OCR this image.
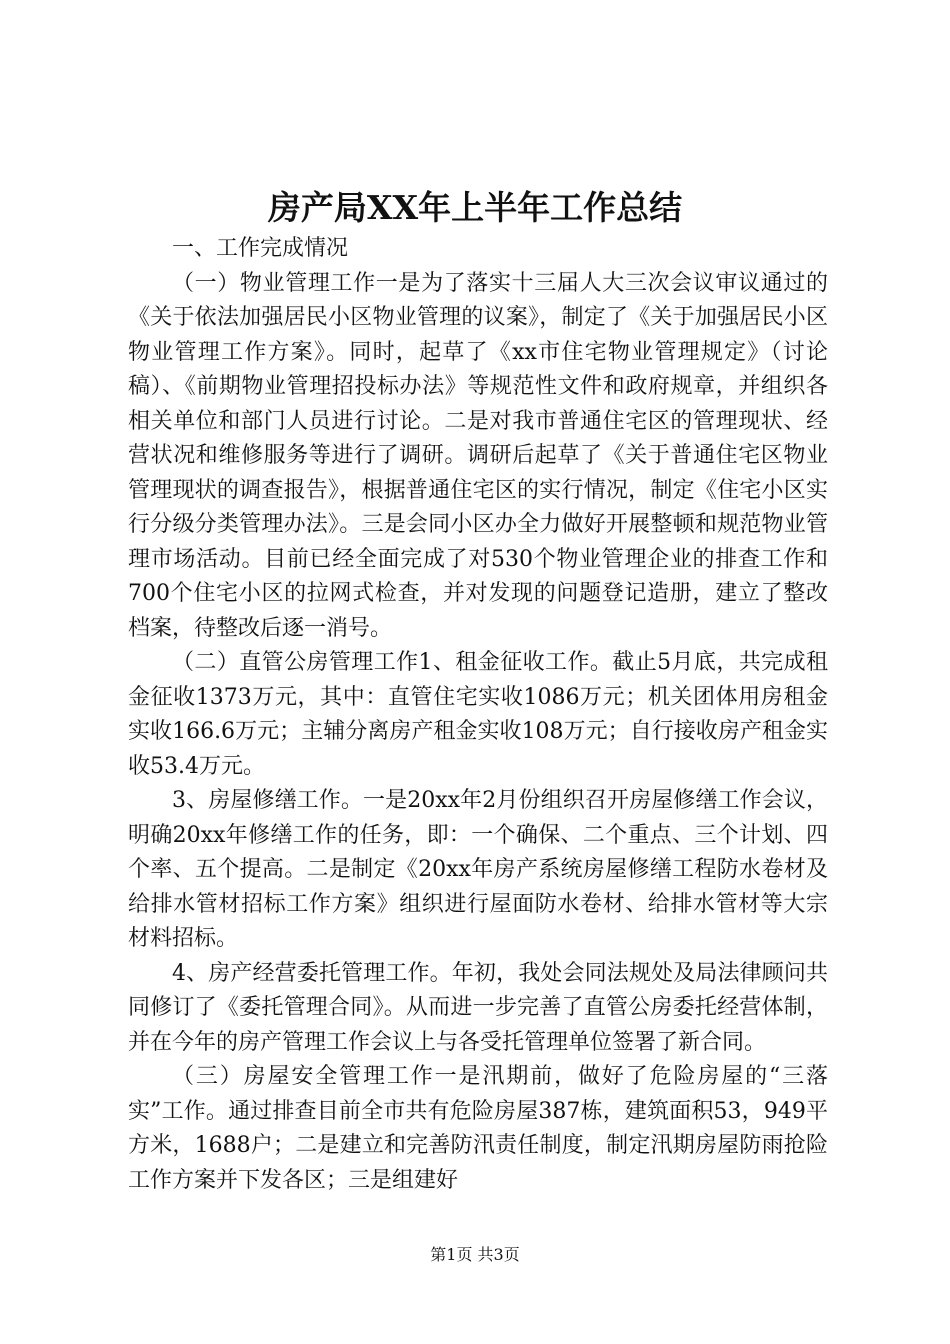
房产局XX年上半年工作总结

一、工作完成情况

（一）物业管理工作一是为了落实十三届人大三次会议审议通过的《关于依法加强居民小区物业管理的议案》，制定了《关于加强居民小区物业管理工作方案》。同时，起草了《xx市住宅物业管理规定》（讨论稿）、《前期物业管理招投标办法》等规范性文件和政府规章，并组织各相关单位和部门人员进行讨论。二是对我市普通住宅区的管理现状、经营状况和维修服务等进行了调研。调研后起草了《关于普通住宅区物业管理现状的调查报告》，根据普通住宅区的实行情况，制定《住宅小区实行分级分类管理办法》。三是会同小区办全力做好开展整顿和规范物业管理市场活动。目前已经全面完成了对530个物业管理企业的排查工作和700个住宅小区的拉网式检查，并对发现的问题登记造册，建立了整改档案，待整改后逐一消号。

（二）直管公房管理工作1、租金征收工作。截止5月底，共完成租金征收1373万元，其中：直管住宅实收1086万元；机关团体用房租金实收166.6万元；主辅分离房产租金实收108万元；自行接收房产租金实收53.4万元。

3、房屋修缮工作。一是20xx年2月份组织召开房屋修缮工作会议，明确20xx年修缮工作的任务，即：一个确保、二个重点、三个计划、四个率、五个提高。二是制定《20xx年房产系统房屋修缮工程防水卷材及给排水管材招标工作方案》组织进行屋面防水卷材、给排水管材等大宗材料招标。

4、房产经营委托管理工作。年初，我处会同法规处及局法律顾问共同修订了《委托管理合同》。从而进一步完善了直管公房委托经营体制，并在今年的房产管理工作会议上与各受托管理单位签署了新合同。

（三）房屋安全管理工作一是汛期前，做好了危险房屋的“三落实”工作。通过排查目前全市共有危险房屋387栋，建筑面积53，949平方米，1688户；二是建立和完善防汛责任制度，制定汛期房屋防雨抢险工作方案并下发各区；三是组建好

第1页 共3页
